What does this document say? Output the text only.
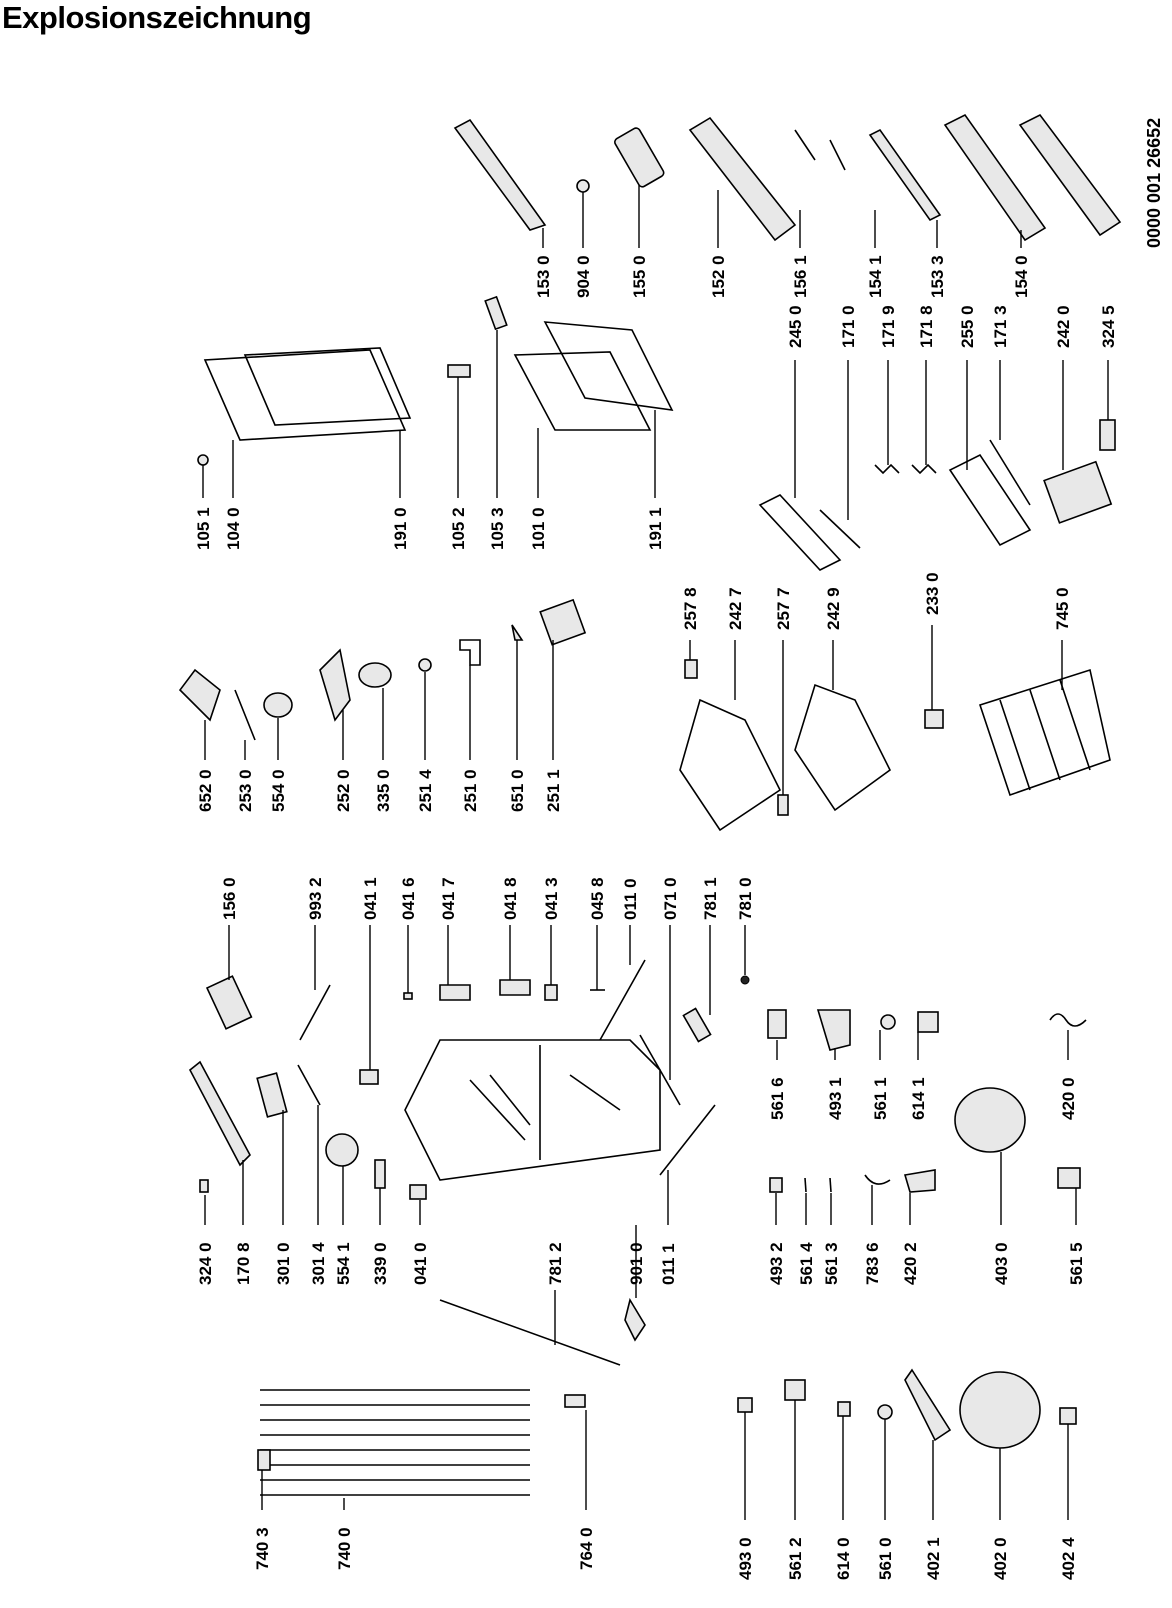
Explosionszeichnung
153 0 904 0 155 0	152 0	156 1	154 1	153 3	154 0
105 1 104 0	191 0 105 2 105 3 101 0	191 1
245 0 171 0 171 9 171 8 255 0 171 3	242 0 324 5
257 8 242 7 257 7 242 9	233 0	745 0
652 0 253 0 554 0	252 0 335 0 251 4 251 0 651 0 251 1
156 0	993 2 041 1 041 6 041 7	041 8 041 3 045 8 011 0 071 0 781 1 781 0
324 0 170 8 301 0 301 4 554 1 339 0 041 0	781 2	901 0 011 1
561 6 493 1 561 1 614 1	420 0
493 2 561 4 561 3 783 6 420 2	403 0	561 5
740 3	740 0	764 0	493 0 561 2 614 0 561 0 402 1	402 0	402 4
0000 001 26652
